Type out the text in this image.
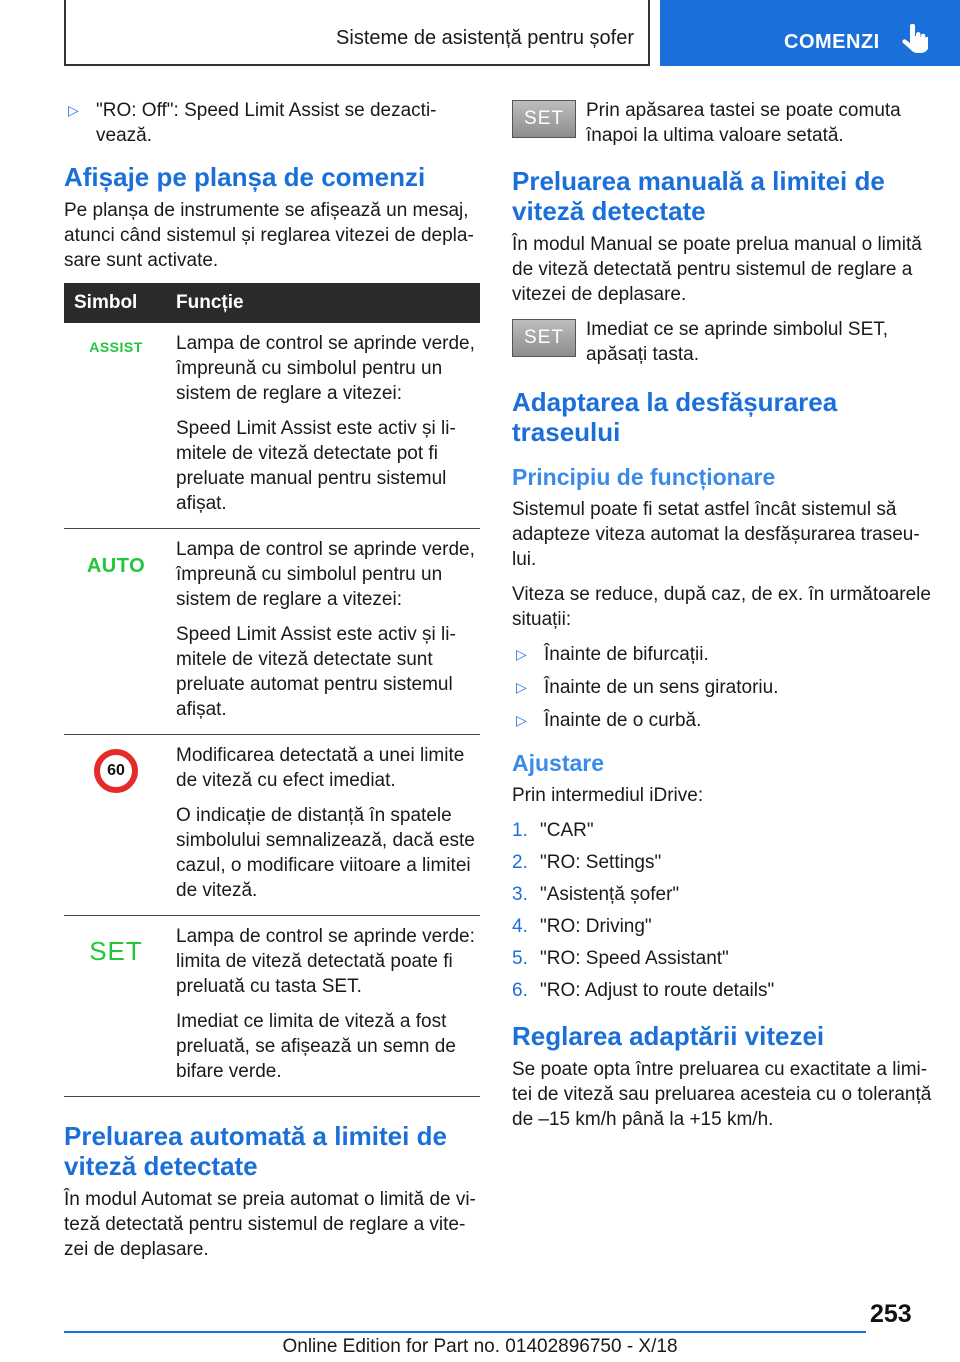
Sisteme de asistență pentru șofer	COMENZI
▷ "RO: Off": Speed Limit Assist se dezacti-vează.
Afișaje pe planșa de comenzi

Pe planșa de instrumente se afișează un mesaj, atunci când sistemul și reglarea vitezei de depla-sare sunt activate.

Simbol	Funcție
ASSIST	Lampa de control se aprinde verde, împreună cu simbolul pentru un sistem de reglare a vitezei:

Speed Limit Assist este activ și li-mitele de viteză detectate pot fi preluate manual pentru sistemul afișat.

AUTO	Lampa de control se aprinde verde, împreună cu simbolul pentru un sistem de reglare a vitezei:

Speed Limit Assist este activ și li-mitele de viteză detectate sunt preluate automat pentru sistemul afișat.

60	Modificarea detectată a unei limite de viteză cu efect imediat.

O indicație de distanță în spatele simbolului semnalizează, dacă este cazul, o modificare viitoare a limitei de viteză.

SET	Lampa de control se aprinde verde: limita de viteză detectată poate fi preluată cu tasta SET.

Imediat ce limita de viteză a fost preluată, se afișează un semn de bifare verde.

Preluarea automată a limitei de viteză detectate

În modul Automat se preia automat o limită de vi-teză detectată pentru sistemul de reglare a vite-zei de deplasare.

SET	Prin apăsarea tastei se poate comuta înapoi la ultima valoare setată.

Preluarea manuală a limitei de viteză detectate

În modul Manual se poate prelua manual o limită de viteză detectată pentru sistemul de reglare a vitezei de deplasare.

SET	Imediat ce se aprinde simbolul SET, apăsați tasta.

Adaptarea la desfășurarea traseului
Principiu de funcționare

Sistemul poate fi setat astfel încât sistemul să adapteze viteza automat la desfășurarea traseu-lui.

Viteza se reduce, după caz, de ex. în următoarele situații:

▷ Înainte de bifurcații.
▷ Înainte de un sens giratoriu.
▷ Înainte de o curbă.
Ajustare

Prin intermediul iDrive:

1. "CAR"
2. "RO: Settings"
3. "Asistență șofer"
4. "RO: Driving"
5. "RO: Speed Assistant"
6. "RO: Adjust to route details"
Reglarea adaptării vitezei

Se poate opta între preluarea cu exactitate a limi-tei de viteză sau preluarea acesteia cu o toleranță de –15 km/h până la +15 km/h.

253
Online Edition for Part no. 01402896750 - X/18
